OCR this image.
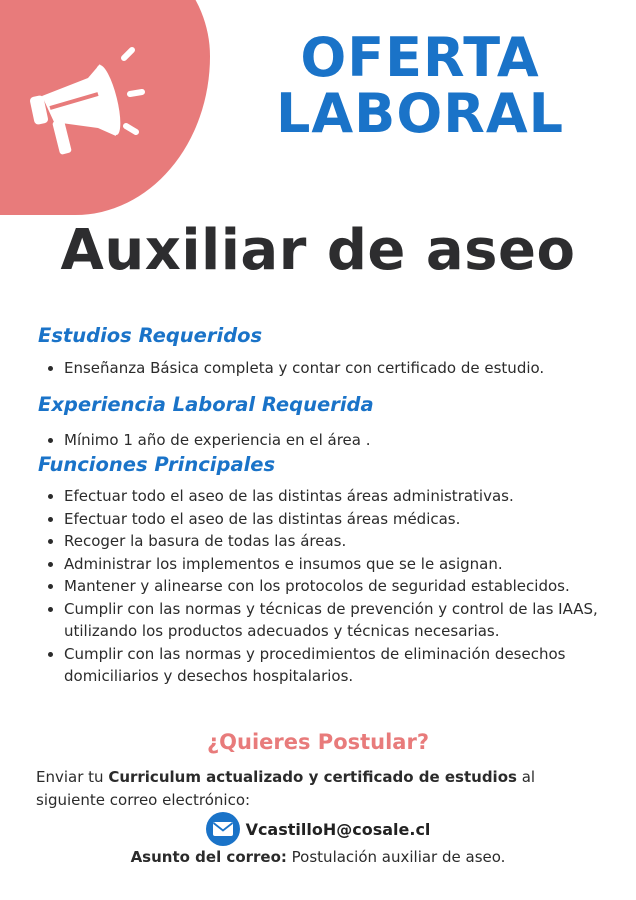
OFERTA
LABORAL
Auxiliar de aseo
Estudios Requeridos
• Enseñanza Básica completa y contar con certificado de estudio.
Experiencia Laboral Requerida
• Mínimo 1 año de experiencia en el área .
Funciones Principales
• Efectuar todo el aseo de las distintas áreas administrativas.
• Efectuar todo el aseo de las distintas áreas médicas.
• Recoger la basura de todas las áreas.
• Administrar los implementos e insumos que se le asignan.
• Mantener y alinearse con los protocolos de seguridad establecidos.
• Cumplir con las normas y técnicas de prevención y control de las IAAS, utilizando los productos adecuados y técnicas necesarias.
• Cumplir con las normas y procedimientos de eliminación desechos domiciliarios y desechos hospitalarios.
¿Quieres Postular?
Enviar tu Curriculum actualizado y certificado de estudios al siguiente correo electrónico:
VcastilloH@cosale.cl
Asunto del correo: Postulación auxiliar de aseo.
